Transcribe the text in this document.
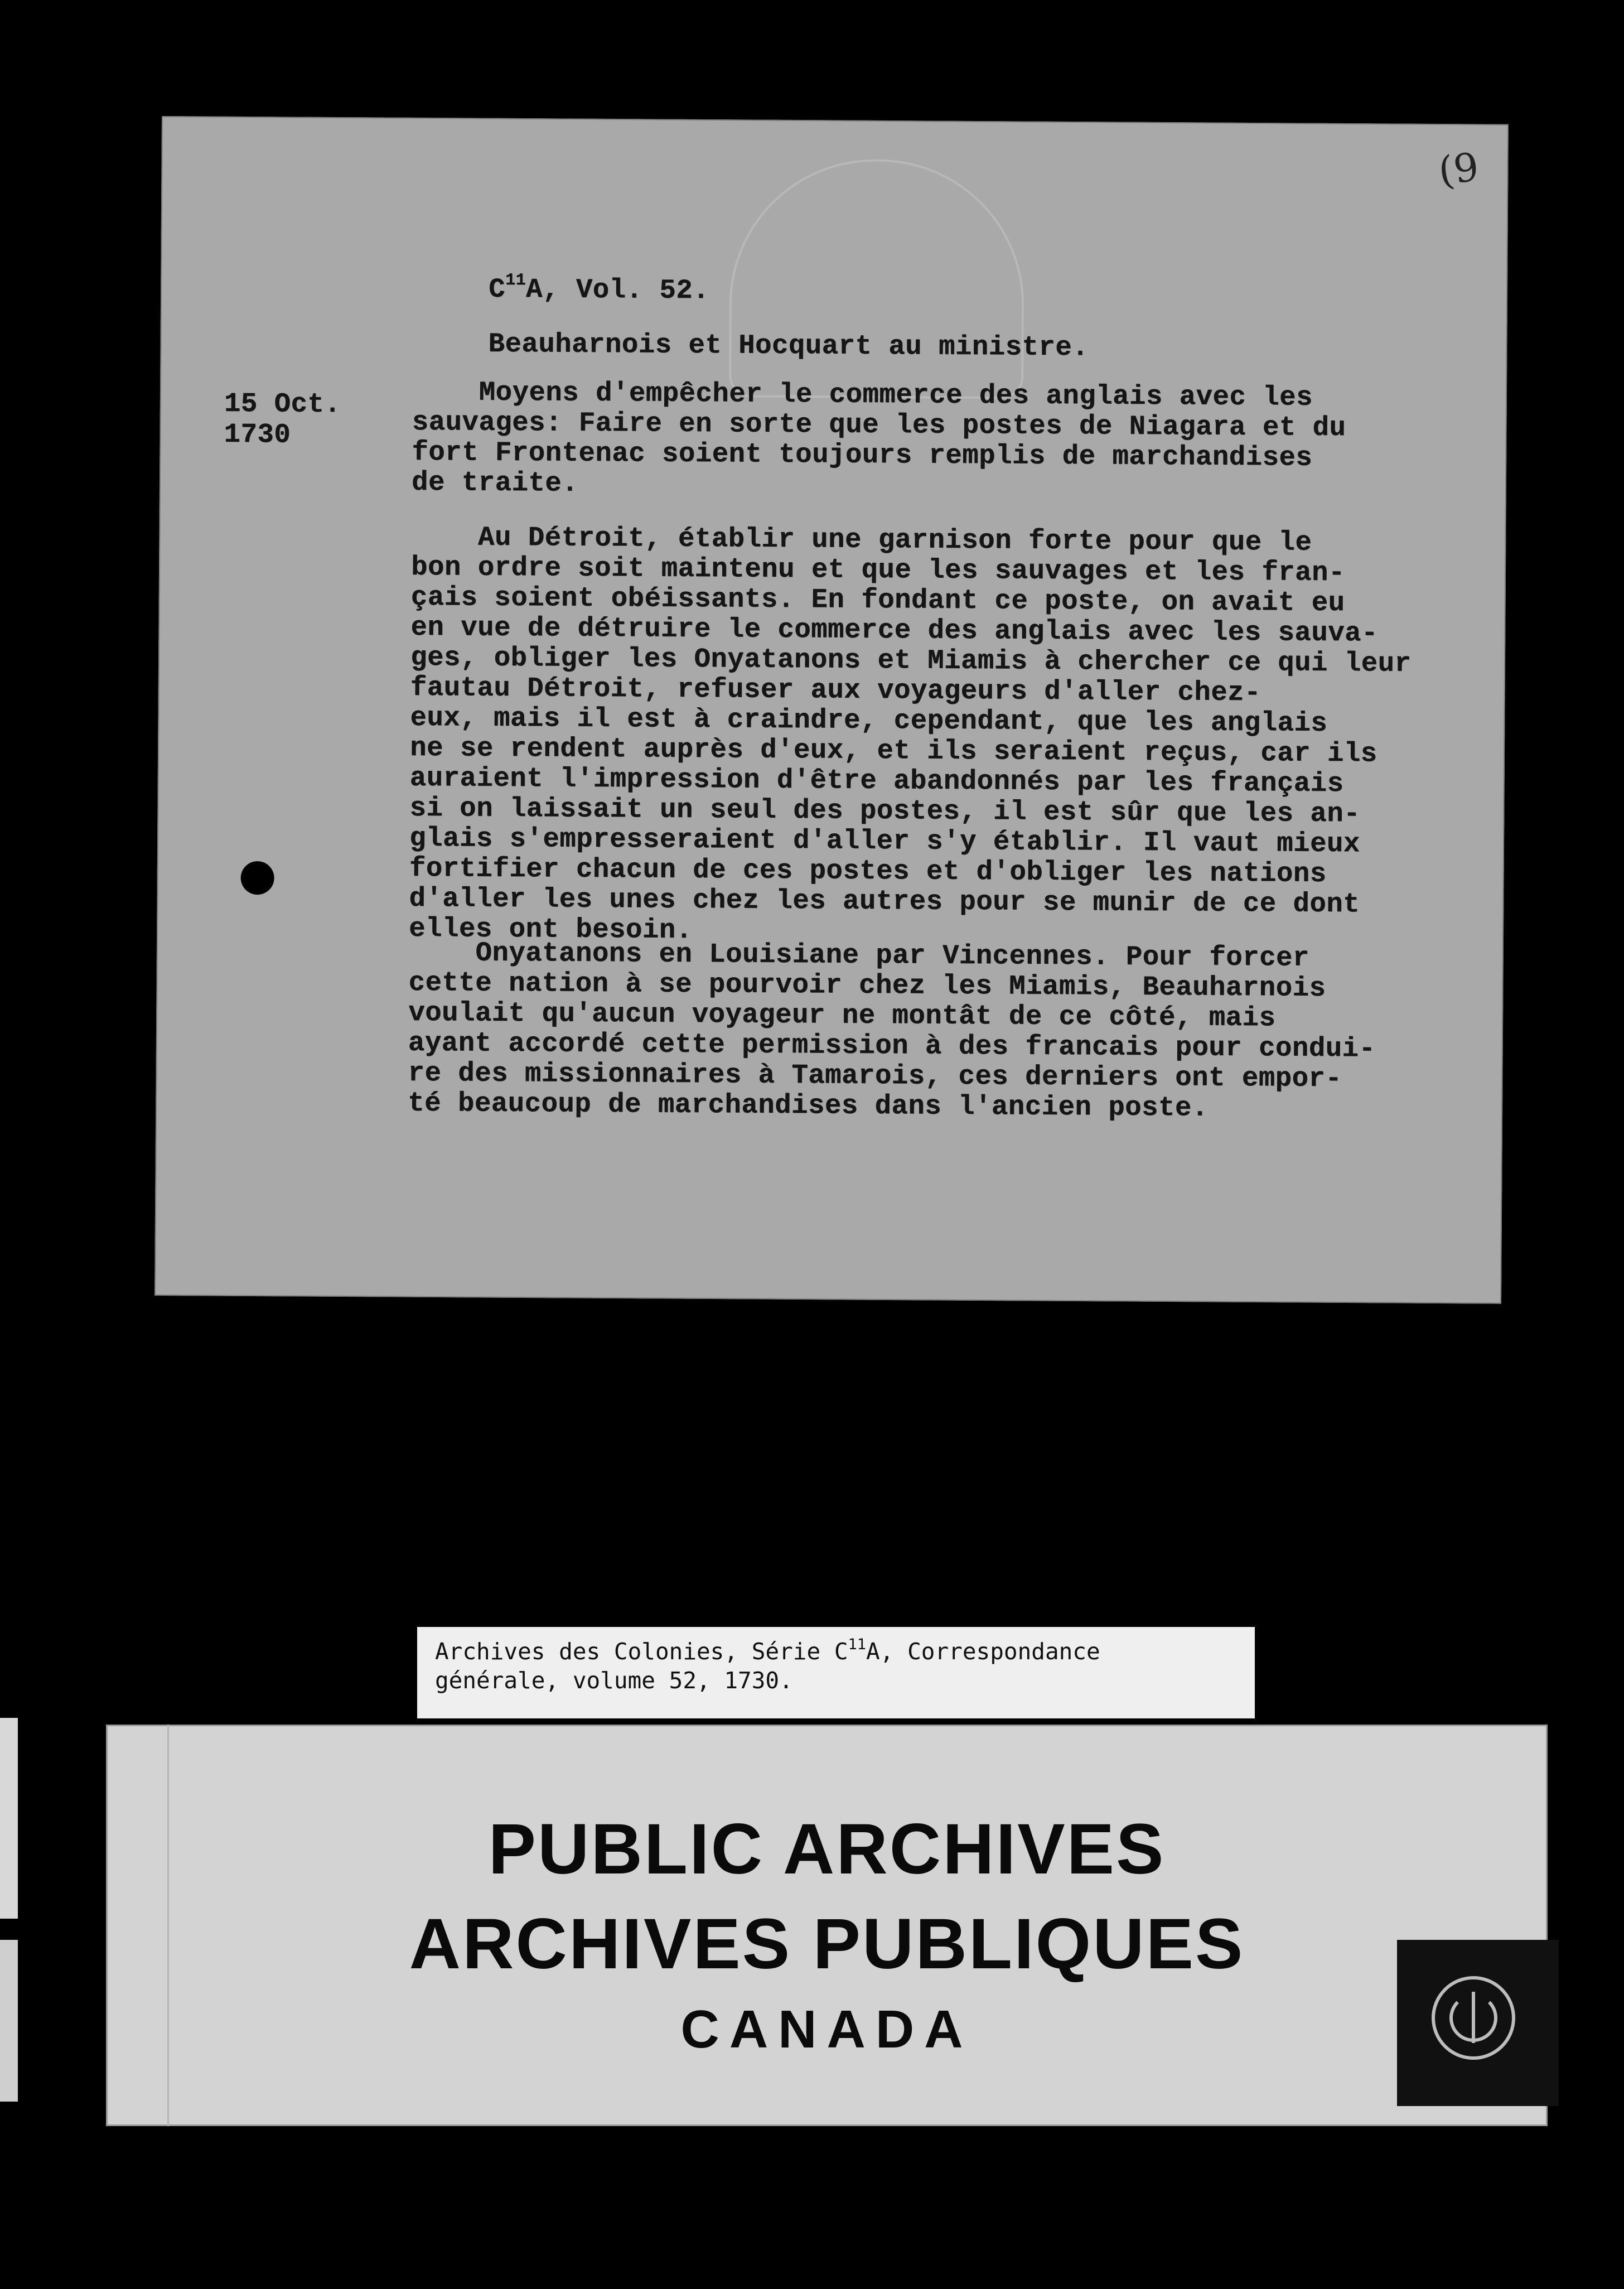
(9
$C^{11}A$, Vol. 52.
Beauharnois et Hocquart au ministre.
15 Oct.
1730

Moyens d'empêcher le commerce des anglais avec les
sauvages: Faire en sorte que les postes de Niagara et du
fort Frontenac soient toujours remplis de marchandises
de traite.

Au Détroit, établir une garnison forte pour que le
bon ordre soit maintenu et que les sauvages et les fran-
çais soient obéissants. En fondant ce poste, on avait eu
en vue de détruire le commerce des anglais avec les sauva-
ges, obliger les Onyatanons et Miamis à chercher ce qui leur
fautau Détroit, refuser aux voyageurs d'aller chez-
eux, mais il est à craindre, cependant, que les anglais
ne se rendent auprès d'eux, et ils seraient reçus, car ils
auraient l'impression d'être abandonnés par les français
si on laissait un seul des postes, il est sûr que les an-
glais s'empresseraient d'aller s'y établir. Il vaut mieux
fortifier chacun de ces postes et d'obliger les nations
d'aller les unes chez les autres pour se munir de ce dont
elles ont besoin.

Onyatanons en Louisiane par Vincennes. Pour forcer
cette nation à se pourvoir chez les Miamis, Beauharnois
voulait qu'aucun voyageur ne montât de ce côté, mais
ayant accordé cette permission à des francais pour condui-
re des missionnaires à Tamarois, ces derniers ont empor-
té beaucoup de marchandises dans l'ancien poste.

Archives des Colonies, Série $C^{11}A$, Correspondance
générale, volume 52, 1730.
PUBLIC ARCHIVES
ARCHIVES PUBLIQUES
CANADA
